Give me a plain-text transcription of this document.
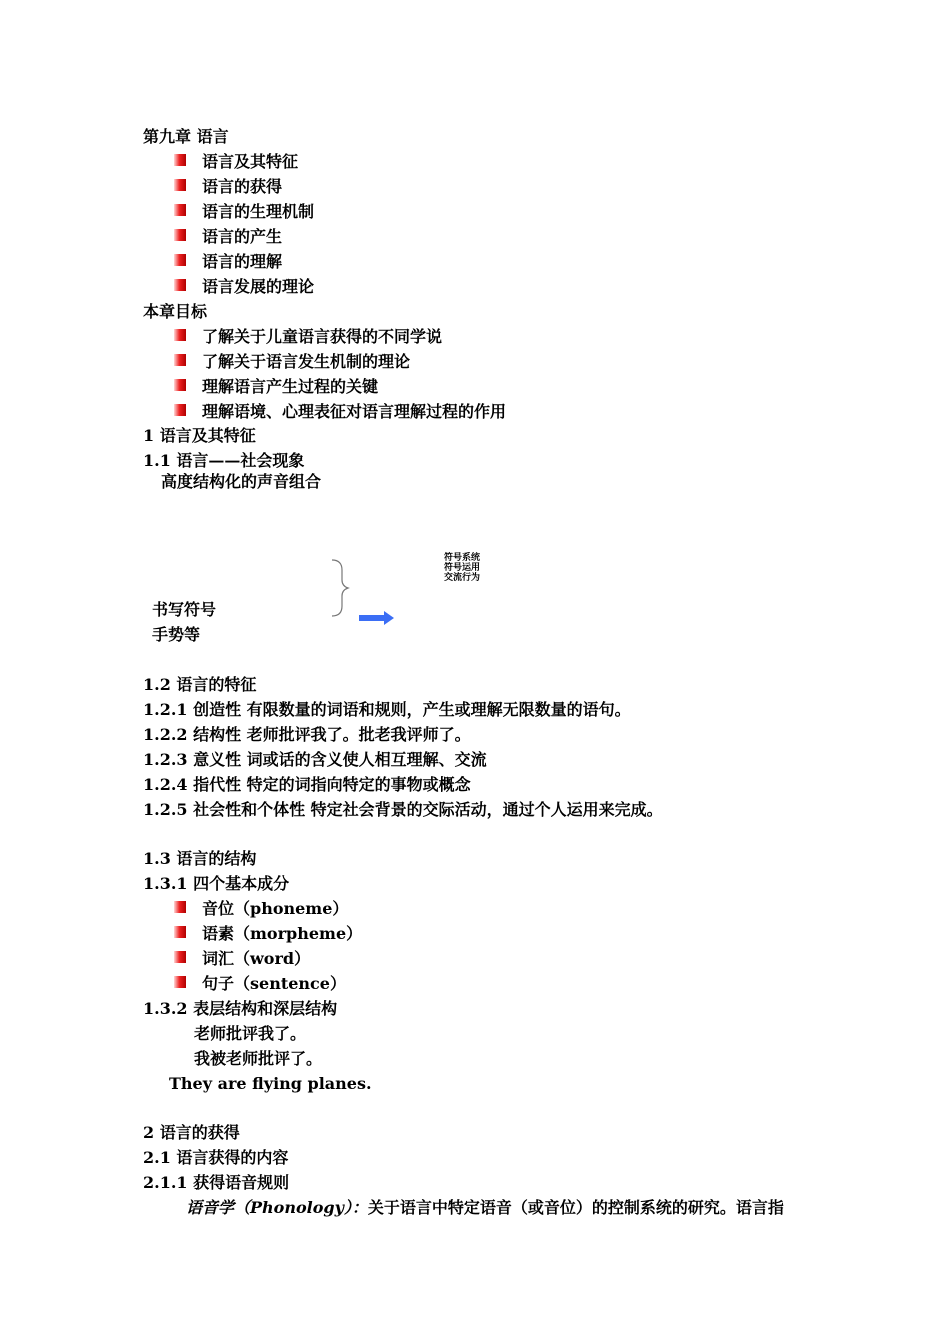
第九章 语言
语言及其特征
语言的获得
语言的生理机制
语言的产生
语言的理解
语言发展的理论
本章目标
了解关于儿童语言获得的不同学说
了解关于语言发生机制的理论
理解语言产生过程的关键
理解语境、心理表征对语言理解过程的作用
1 语言及其特征
1.1 语言——社会现象
高度结构化的声音组合
符号系统
符号运用
交流行为
书写符号
手势等
1.2 语言的特征
1.2.1 创造性 有限数量的词语和规则，产生或理解无限数量的语句。
1.2.2 结构性 老师批评我了。批老我评师了。
1.2.3 意义性 词或话的含义使人相互理解、交流
1.2.4 指代性 特定的词指向特定的事物或概念
1.2.5 社会性和个体性 特定社会背景的交际活动，通过个人运用来完成。
1.3 语言的结构
1.3.1 四个基本成分
音位（phoneme）
语素（morpheme）
词汇（word）
句子（sentence）
1.3.2 表层结构和深层结构
老师批评我了。
我被老师批评了。
They are flying planes.
2 语言的获得
2.1 语言获得的内容
2.1.1 获得语音规则
语音学（Phonology）：关于语言中特定语音（或音位）的控制系统的研究。语言指
